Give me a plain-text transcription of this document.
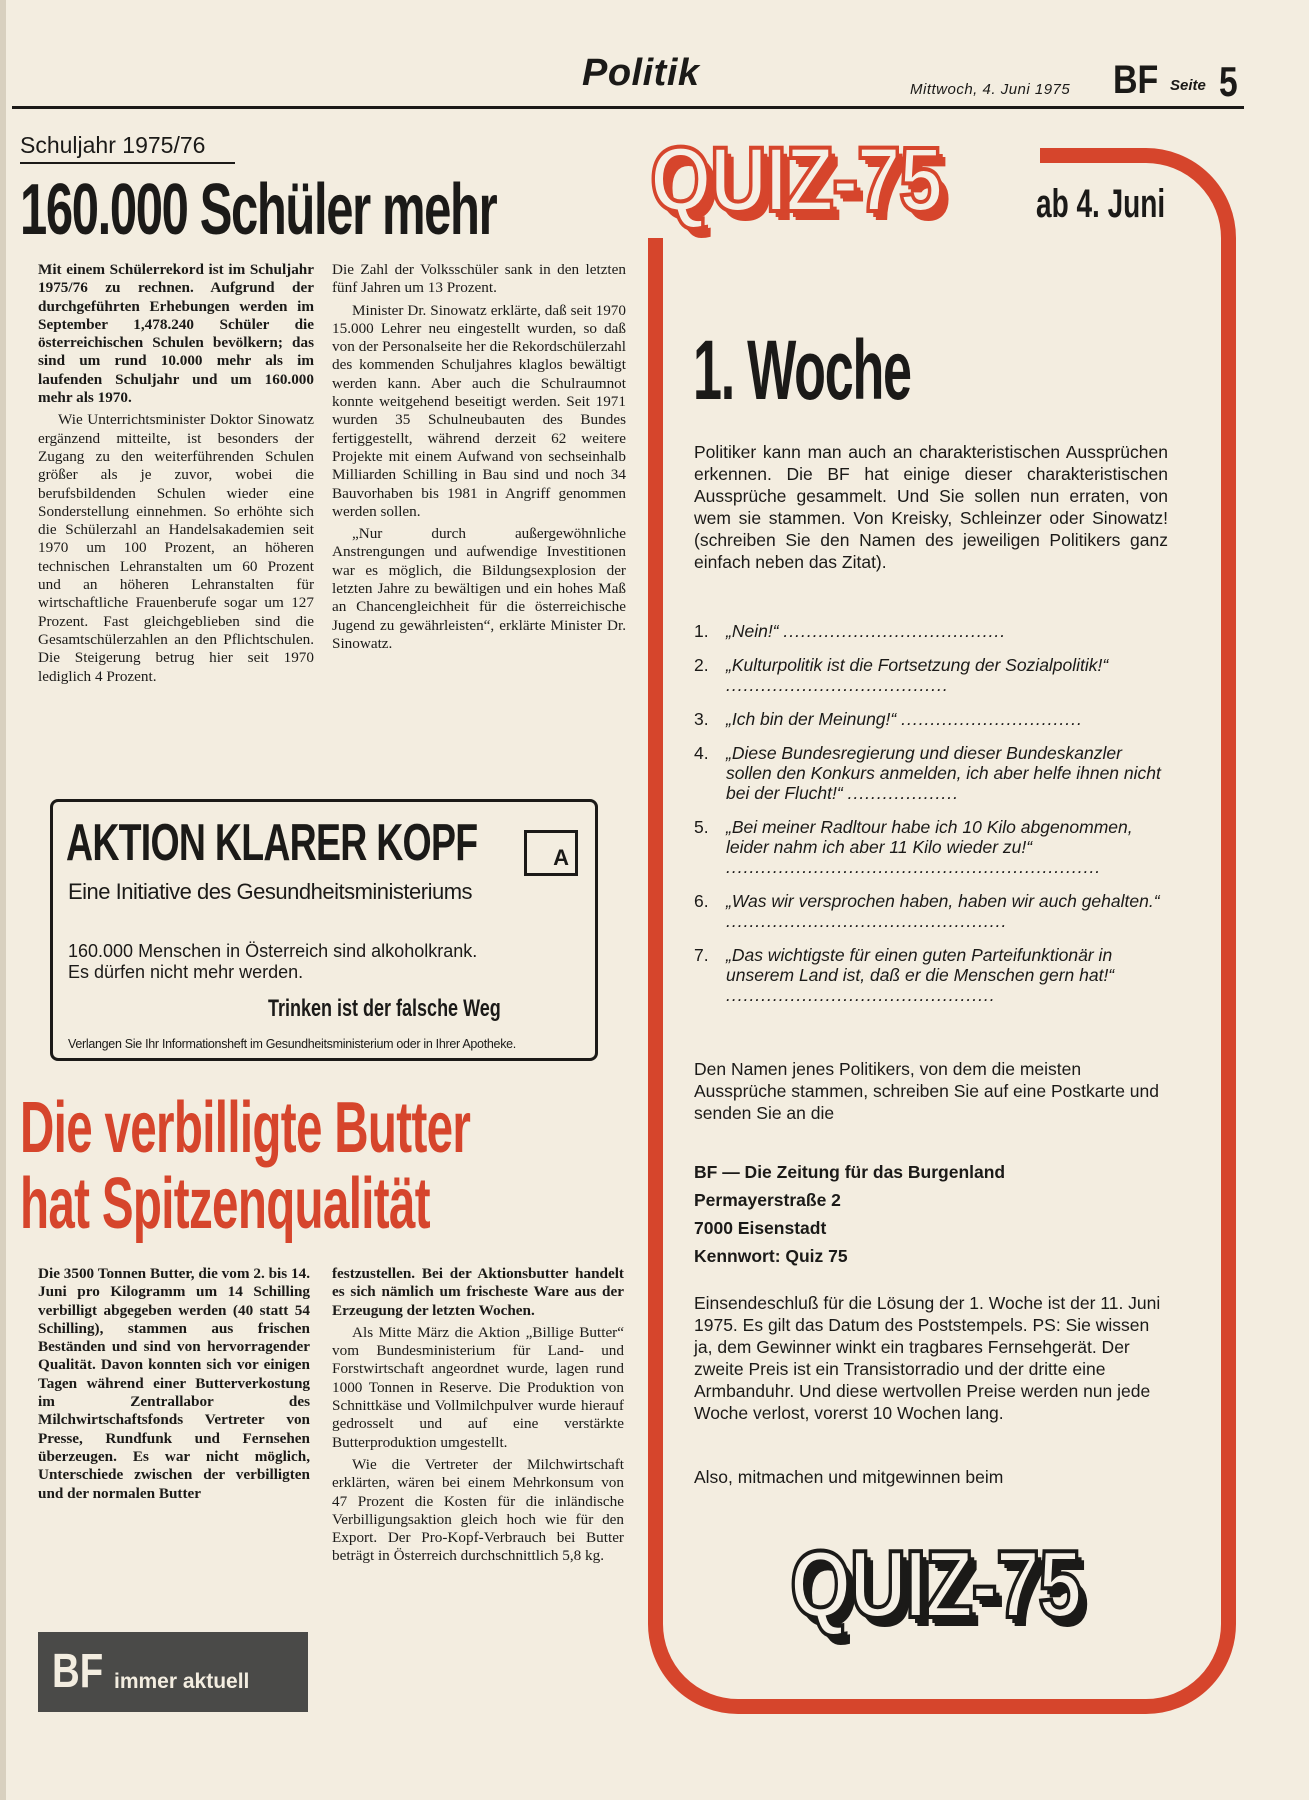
Politik	Mittwoch, 4. Juni 1975 BF Seite 5
Schuljahr 1975/76
160.000 Schüler mehr

Mit einem Schülerrekord ist im Schuljahr 1975/76 zu rechnen. Aufgrund der durchgeführten Erhebungen werden im September 1,478.240 Schüler die österreichischen Schulen bevölkern; das sind um rund 10.000 mehr als im laufenden Schuljahr und um 160.000 mehr als 1970.

Wie Unterrichtsminister Doktor Sinowatz ergänzend mitteilte, ist besonders der Zugang zu den weiterführenden Schulen größer als je zuvor, wobei die berufsbildenden Schulen wieder eine Sonderstellung einnehmen. So erhöhte sich die Schülerzahl an Handelsakademien seit 1970 um 100 Prozent, an höheren technischen Lehranstalten um 60 Prozent und an höheren Lehranstalten für wirtschaftliche Frauenberufe sogar um 127 Prozent. Fast gleichgeblieben sind die Gesamtschülerzahlen an den Pflichtschulen. Die Steigerung betrug hier seit 1970 lediglich 4 Prozent.

Die Zahl der Volksschüler sank in den letzten fünf Jahren um 13 Prozent.

Minister Dr. Sinowatz erklärte, daß seit 1970 15.000 Lehrer neu eingestellt wurden, so daß von der Personalseite her die Rekordschülerzahl des kommenden Schuljahres klaglos bewältigt werden kann. Aber auch die Schulraumnot konnte weitgehend beseitigt werden. Seit 1971 wurden 35 Schulneubauten des Bundes fertiggestellt, während derzeit 62 weitere Projekte mit einem Aufwand von sechseinhalb Milliarden Schilling in Bau sind und noch 34 Bauvorhaben bis 1981 in Angriff genommen werden sollen.

„Nur durch außergewöhnliche Anstrengungen und aufwendige Investitionen war es möglich, die Bildungsexplosion der letzten Jahre zu bewältigen und ein hohes Maß an Chancengleichheit für die österreichische Jugend zu gewährleisten“, erklärte Minister Dr. Sinowatz.

AKTION KLARER KOPF	A
Eine Initiative des Gesundheitsministeriums
160.000 Menschen in Österreich sind alkoholkrank.
Es dürfen nicht mehr werden.
Trinken ist der falsche Weg
Verlangen Sie Ihr Informationsheft im Gesundheitsministerium oder in Ihrer Apotheke.
Die verbilligte Butter
hat Spitzenqualität

Die 3500 Tonnen Butter, die vom 2. bis 14. Juni pro Kilogramm um 14 Schilling verbilligt abgegeben werden (40 statt 54 Schilling), stammen aus frischen Beständen und sind von hervorragender Qualität. Davon konnten sich vor einigen Tagen während einer Butterverkostung im Zentrallabor des Milchwirtschaftsfonds Vertreter von Presse, Rundfunk und Fernsehen überzeugen. Es war nicht möglich, Unterschiede zwischen der verbilligten und der normalen Butter

festzustellen. Bei der Aktionsbutter handelt es sich nämlich um frischeste Ware aus der Erzeugung der letzten Wochen.

Als Mitte März die Aktion „Billige Butter“ vom Bundesministerium für Land- und Forstwirtschaft angeordnet wurde, lagen rund 1000 Tonnen in Reserve. Die Produktion von Schnittkäse und Vollmilchpulver wurde hierauf gedrosselt und auf eine verstärkte Butterproduktion umgestellt.

Wie die Vertreter der Milchwirtschaft erklärten, wären bei einem Mehrkonsum von 47 Prozent die Kosten für die inländische Verbilligungsaktion gleich hoch wie für den Export. Der Pro-Kopf-Verbrauch bei Butter beträgt in Österreich durchschnittlich 5,8 kg.

BF immer aktuell
QUIZ-75 ab 4. Juni
1. Woche
Politiker kann man auch an charakteristischen Aussprüchen erkennen. Die BF hat einige dieser charakteristischen Aussprüche gesammelt. Und Sie sollen nun erraten, von wem sie stammen. Von Kreisky, Schleinzer oder Sinowatz! (schreiben Sie den Namen des jeweiligen Politikers ganz einfach neben das Zitat).
1. „Nein!“ ......................................
2. „Kulturpolitik ist die Fortsetzung der Sozialpolitik!“ ......................................
3. „Ich bin der Meinung!“ ...............................
4. „Diese Bundesregierung und dieser Bundeskanzler sollen den Konkurs anmelden, ich aber helfe ihnen nicht bei der Flucht!“ ...................
5. „Bei meiner Radltour habe ich 10 Kilo abgenommen, leider nahm ich aber 11 Kilo wieder zu!“ ................................................................
6. „Was wir versprochen haben, haben wir auch gehalten.“ ................................................
7. „Das wichtigste für einen guten Parteifunktionär in unserem Land ist, daß er die Menschen gern hat!“ ..............................................
Den Namen jenes Politikers, von dem die meisten Aussprüche stammen, schreiben Sie auf eine Postkarte und senden Sie an die
BF — Die Zeitung für das Burgenland
Permayerstraße 2
7000 Eisenstadt
Kennwort: Quiz 75
Einsendeschluß für die Lösung der 1. Woche ist der 11. Juni 1975. Es gilt das Datum des Poststempels. PS: Sie wissen ja, dem Gewinner winkt ein tragbares Fernsehgerät. Der zweite Preis ist ein Transistorradio und der dritte eine Armbanduhr. Und diese wertvollen Preise werden nun jede Woche verlost, vorerst 10 Wochen lang.
Also, mitmachen und mitgewinnen beim
QUIZ-75
